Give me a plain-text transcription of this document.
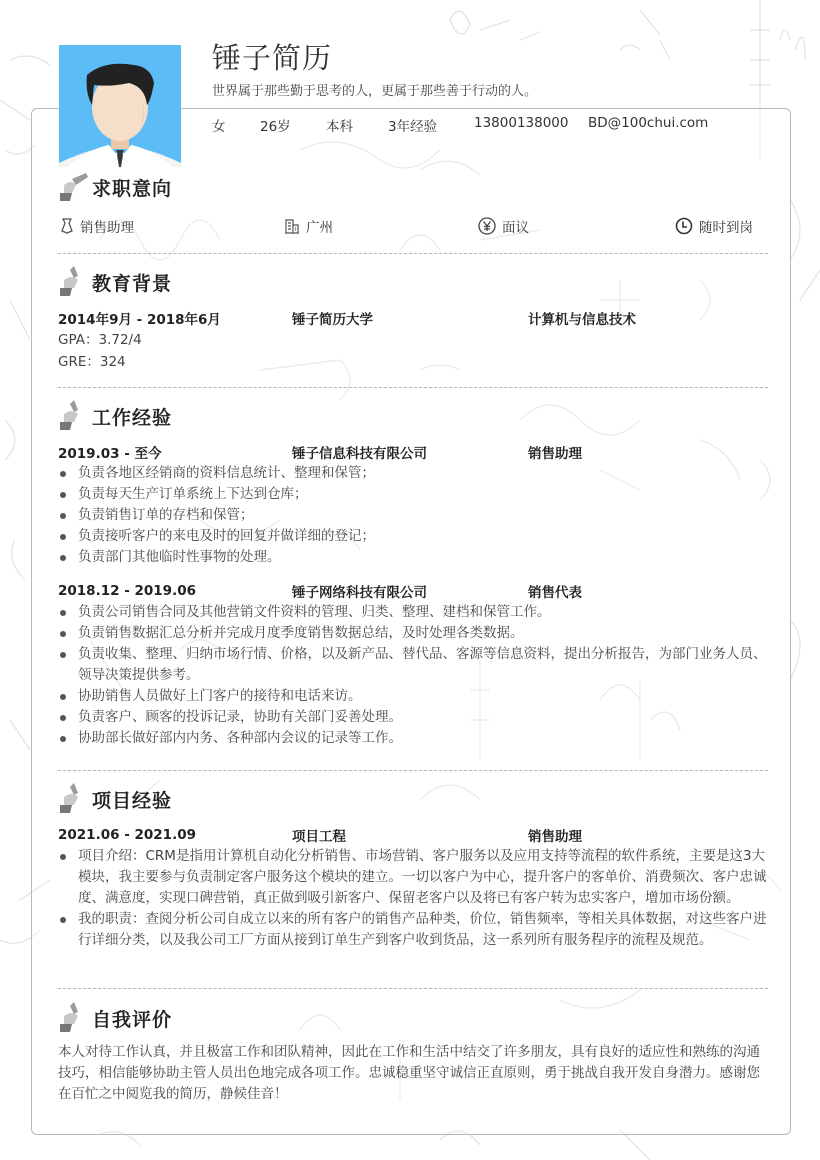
锤子简历
世界属于那些勤于思考的人，更属于那些善于行动的人。
女	26岁	本科	3年经验	13800138000	BD@100chui.com
求职意向
销售助理	广州	面议	随时到岗
教育背景
2014年9月 - 2018年6月	锤子简历大学	计算机与信息技术
GPA：3.72/4
GRE：324
工作经验
2019.03 - 至今	锤子信息科技有限公司	销售助理
负责各地区经销商的资料信息统计、整理和保管；
负责每天生产订单系统上下达到仓库；
负责销售订单的存档和保管；
负责接听客户的来电及时的回复并做详细的登记；
负责部门其他临时性事物的处理。
2018.12 - 2019.06	锤子网络科技有限公司	销售代表
负责公司销售合同及其他营销文件资料的管理、归类、整理、建档和保管工作。
负责销售数据汇总分析并完成月度季度销售数据总结，及时处理各类数据。
负责收集、整理、归纳市场行情、价格，以及新产品、替代品、客源等信息资料，提出分析报告，为部门业务人员、领导决策提供参考。
协助销售人员做好上门客户的接待和电话来访。
负责客户、顾客的投诉记录，协助有关部门妥善处理。
协助部长做好部内内务、各种部内会议的记录等工作。
项目经验
2021.06 - 2021.09	项目工程	销售助理
项目介绍：CRM是指用计算机自动化分析销售、市场营销、客户服务以及应用支持等流程的软件系统，主要是这3大模块，我主要参与负责制定客户服务这个模块的建立。一切以客户为中心，提升客户的客单价、消费频次、客户忠诚度、满意度，实现口碑营销，真正做到吸引新客户、保留老客户以及将已有客户转为忠实客户，增加市场份额。
我的职责：查阅分析公司自成立以来的所有客户的销售产品种类，价位，销售频率，等相关具体数据，对这些客户进行详细分类，以及我公司工厂方面从接到订单生产到客户收到货品，这一系列所有服务程序的流程及规范。
自我评价
本人对待工作认真，并且极富工作和团队精神，因此在工作和生活中结交了许多朋友，具有良好的适应性和熟练的沟通技巧，相信能够协助主管人员出色地完成各项工作。忠诚稳重坚守诚信正直原则，勇于挑战自我开发自身潜力。感谢您在百忙之中阅览我的简历，静候佳音！
